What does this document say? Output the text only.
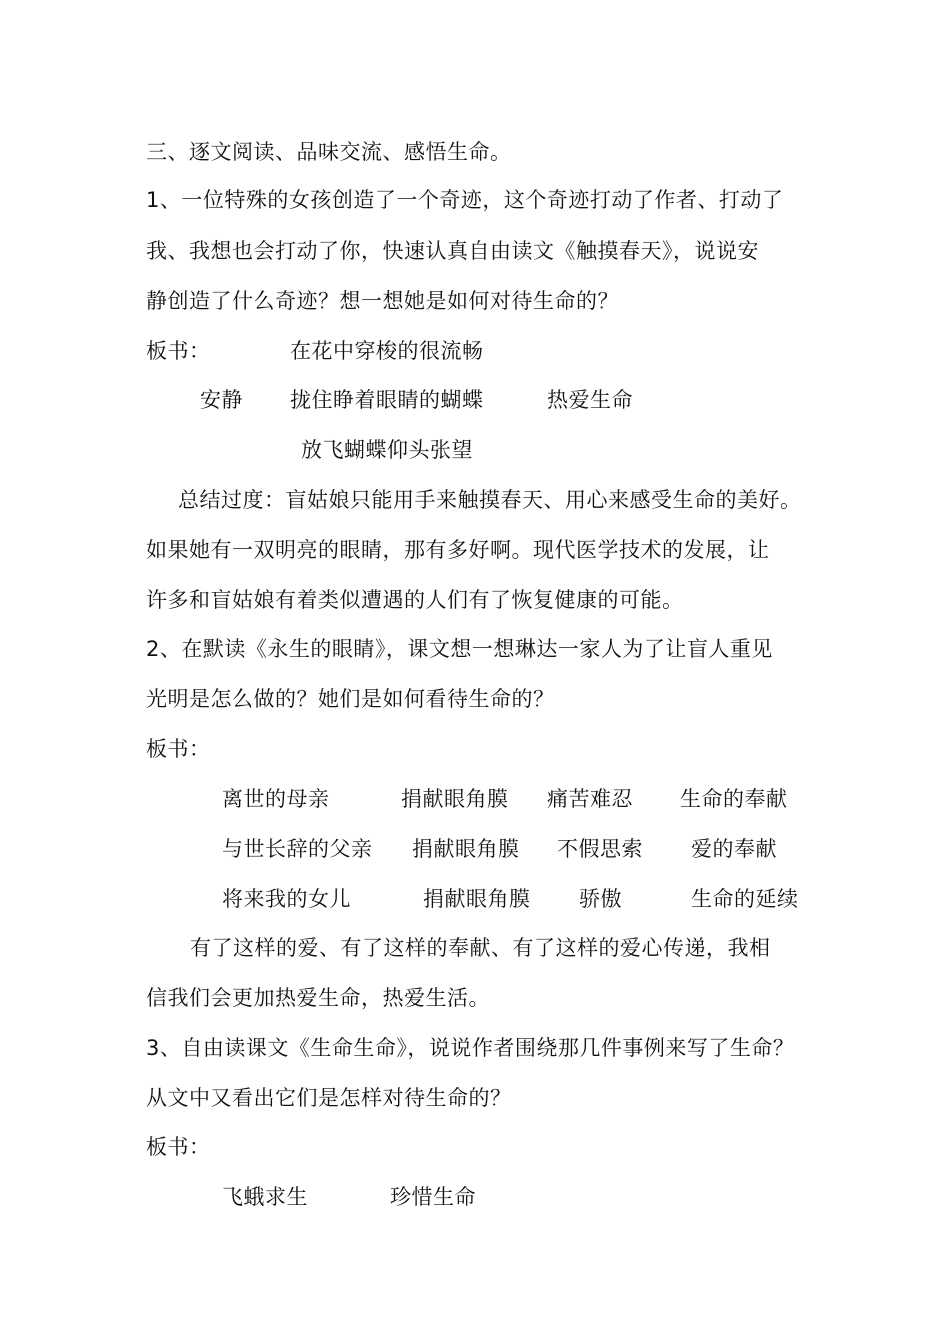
三、逐文阅读、品味交流、感悟生命。
1、一位特殊的女孩创造了一个奇迹，这个奇迹打动了作者、打动了
我、我想也会打动了你，快速认真自由读文《触摸春天》，说说安
静创造了什么奇迹？想一想她是如何对待生命的？
板书：	在花中穿梭的很流畅
安静 拢住睁着眼睛的蝴蝶	热爱生命
放飞蝴蝶仰头张望
总结过度：盲姑娘只能用手来触摸春天、用心来感受生命的美好。
如果她有一双明亮的眼睛，那有多好啊。现代医学技术的发展，让
许多和盲姑娘有着类似遭遇的人们有了恢复健康的可能。
2、在默读《永生的眼睛》，课文想一想琳达一家人为了让盲人重见
光明是怎么做的？她们是如何看待生命的？
板书：
离世的母亲	捐献眼角膜 痛苦难忍 生命的奉献
与世长辞的父亲 捐献眼角膜 不假思索 爱的奉献
将来我的女儿	捐献眼角膜 骄傲	生命的延续
有了这样的爱、有了这样的奉献、有了这样的爱心传递，我相
信我们会更加热爱生命，热爱生活。
3、自由读课文《生命生命》，说说作者围绕那几件事例来写了生命？
从文中又看出它们是怎样对待生命的？
板书：
飞蛾求生	珍惜生命
